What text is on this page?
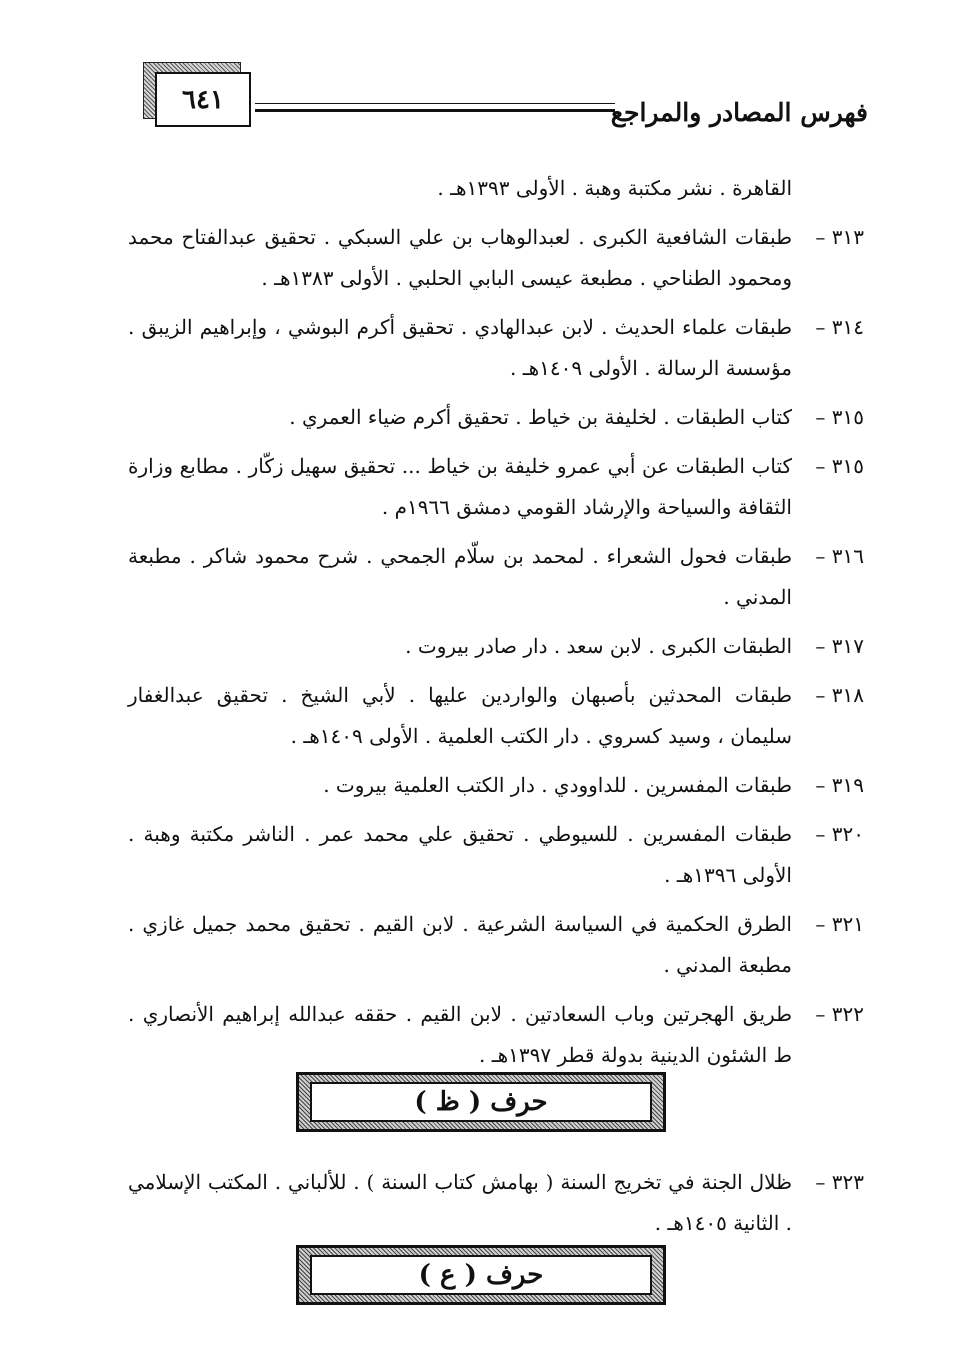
فهرس المصادر والمراجع
٦٤١
القاهرة . نشر مكتبة وهبة . الأولى ١٣٩٣هـ .
٣١٣ –
طبقات الشافعية الكبرى . لعبدالوهاب بن علي السبكي . تحقيق عبدالفتاح محمد ومحمود الطناحي . مطبعة عيسى البابي الحلبي . الأولى ١٣٨٣هـ .
٣١٤ –
طبقات علماء الحديث . لابن عبدالهادي . تحقيق أكرم البوشي ، وإبراهيم الزيبق . مؤسسة الرسالة . الأولى ١٤٠٩هـ .
٣١٥ –
كتاب الطبقات . لخليفة بن خياط . تحقيق أكرم ضياء العمري .
٣١٥ –
كتاب الطبقات عن أبي عمرو خليفة بن خياط ... تحقيق سهيل زكّار . مطابع وزارة الثقافة والسياحة والإرشاد القومي دمشق ١٩٦٦م .
٣١٦ –
طبقات فحول الشعراء . لمحمد بن سلّام الجمحي . شرح محمود شاكر . مطبعة المدني .
٣١٧ –
الطبقات الكبرى . لابن سعد . دار صادر بيروت .
٣١٨ –
طبقات المحدثين بأصبهان والواردين عليها . لأبي الشيخ . تحقيق عبدالغفار سليمان ، وسيد كسروي . دار الكتب العلمية . الأولى ١٤٠٩هـ .
٣١٩ –
طبقات المفسرين . للداوودي . دار الكتب العلمية بيروت .
٣٢٠ –
طبقات المفسرين . للسيوطي . تحقيق علي محمد عمر . الناشر مكتبة وهبة . الأولى ١٣٩٦هـ .
٣٢١ –
الطرق الحكمية في السياسة الشرعية . لابن القيم . تحقيق محمد جميل غازي . مطبعة المدني .
٣٢٢ –
طريق الهجرتين وباب السعادتين . لابن القيم . حققه عبدالله إبراهيم الأنصاري . ط الشئون الدينية بدولة قطر ١٣٩٧هـ .
حرف ( ظ )
٣٢٣ –
ظلال الجنة في تخريج السنة ( بهامش كتاب السنة ) . للألباني . المكتب الإسلامي . الثانية ١٤٠٥هـ .
حرف ( ع )
